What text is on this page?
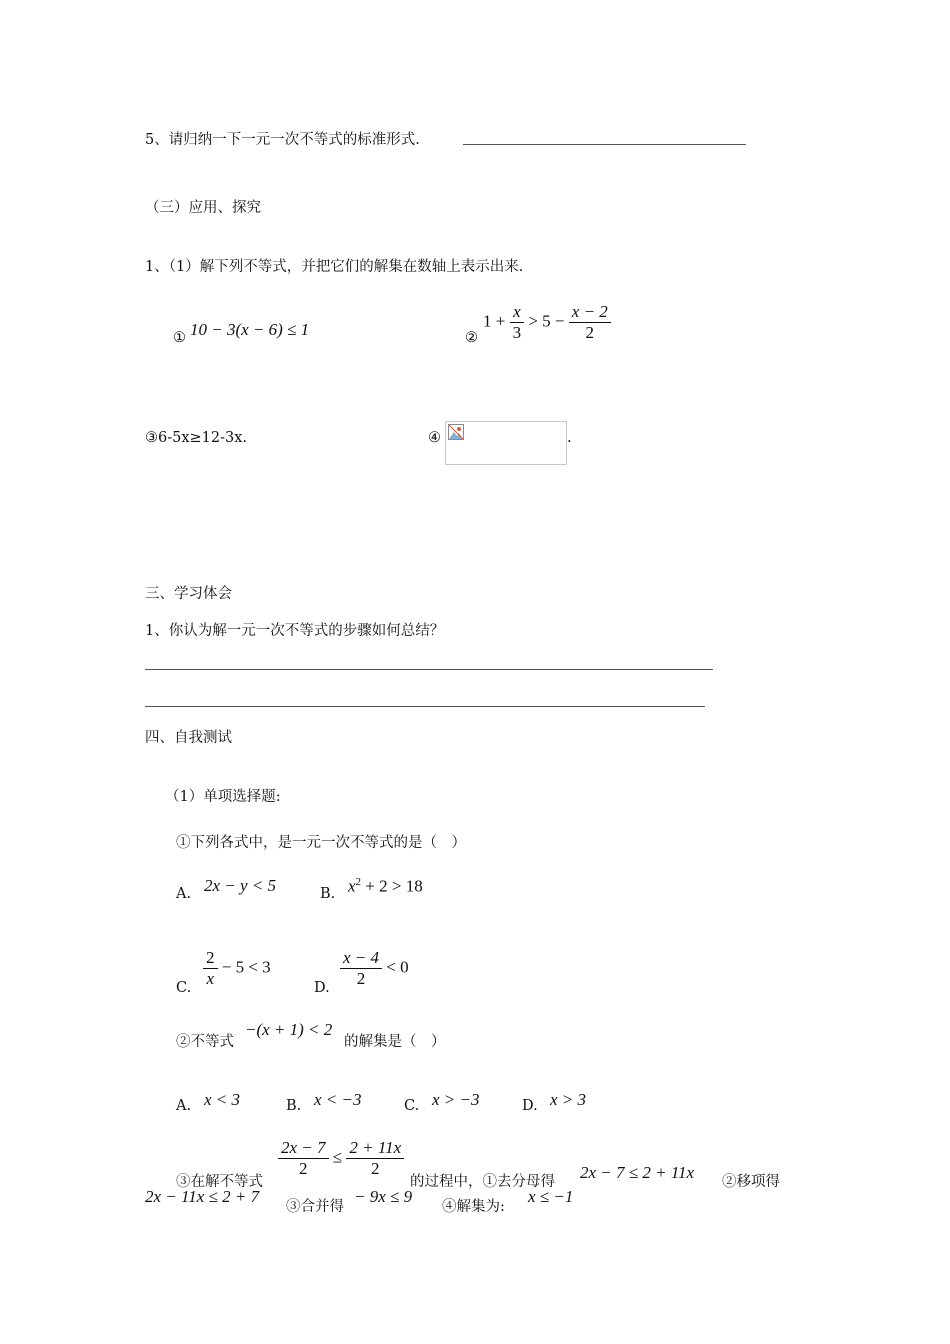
5、请归纳一下一元一次不等式的标准形式.
（三）应用、探究
1、（1）解下列不等式，并把它们的解集在数轴上表示出来.
① 10 − 3(x − 6) ≤ 1	②
$1 + \frac{x}{3} > 5 - \frac{x - 2}{2}$
③6-5x≥12-3x.	④	.
三、学习体会
1、你认为解一元一次不等式的步骤如何总结？
四、自我测试
（1）单项选择题:
①下列各式中，是一元一次不等式的是（　）
A. 2x − y < 5	B. $x^2 + 2 > 18$
C. $\frac{2}{x} - 5 < 3$
D. $\frac{x - 4}{2} < 0$
②不等式
−(x + 1) < 2
的解集是（　）
A. x < 3	B. x < −3	C. x > −3	D. x > 3
③在解不等式
$\frac{2x - 7}{2} \le \frac{2 + 11x}{2}$
的过程中，①去分母得 2x − 7 ≤ 2 + 11x ②移项得
2x − 11x ≤ 2 + 7
③合并得
− 9x ≤ 9
④解集为:
x ≤ −1
